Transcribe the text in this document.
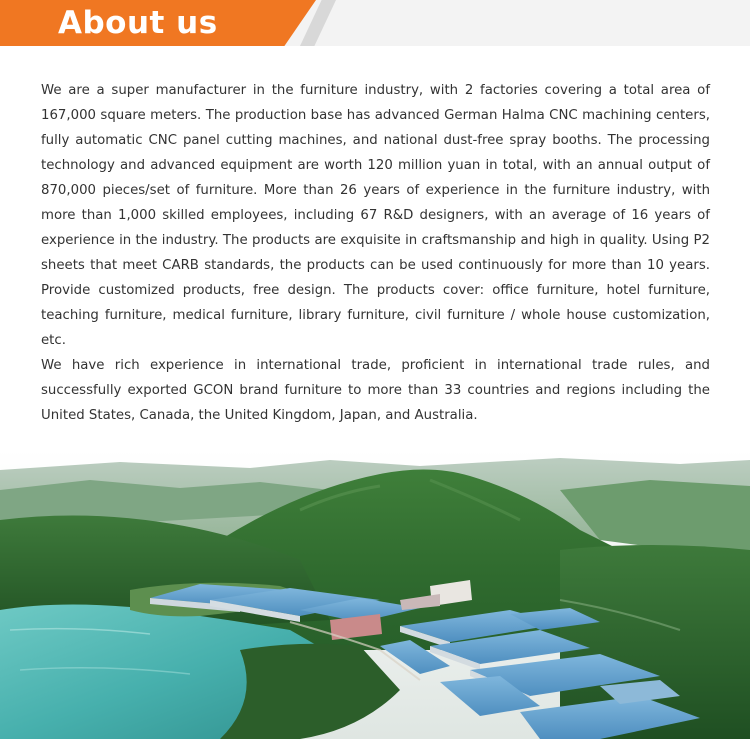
About us

We are a super manufacturer in the furniture industry, with 2 factories covering a total area of 167,000 square meters. The production base has advanced German Halma CNC machining centers, fully automatic CNC panel cutting machines, and national dust-free spray booths. The processing technology and advanced equipment are worth 120 million yuan in total, with an annual output of 870,000 pieces/set of furniture. More than 26 years of experience in the furniture industry, with more than 1,000 skilled employees, including 67 R&D designers, with an average of 16 years of experience in the industry. The products are exquisite in craftsmanship and high in quality. Using P2 sheets that meet CARB standards, the products can be used continuously for more than 10 years. Provide customized products, free design. The products cover: office furniture, hotel furniture, teaching furniture, medical furniture, library furniture, civil furniture / whole house customization, etc.

We have rich experience in international trade, proficient in international trade rules, and successfully exported GCON brand furniture to more than 33 countries and regions including the United States, Canada, the United Kingdom, Japan, and Australia.
